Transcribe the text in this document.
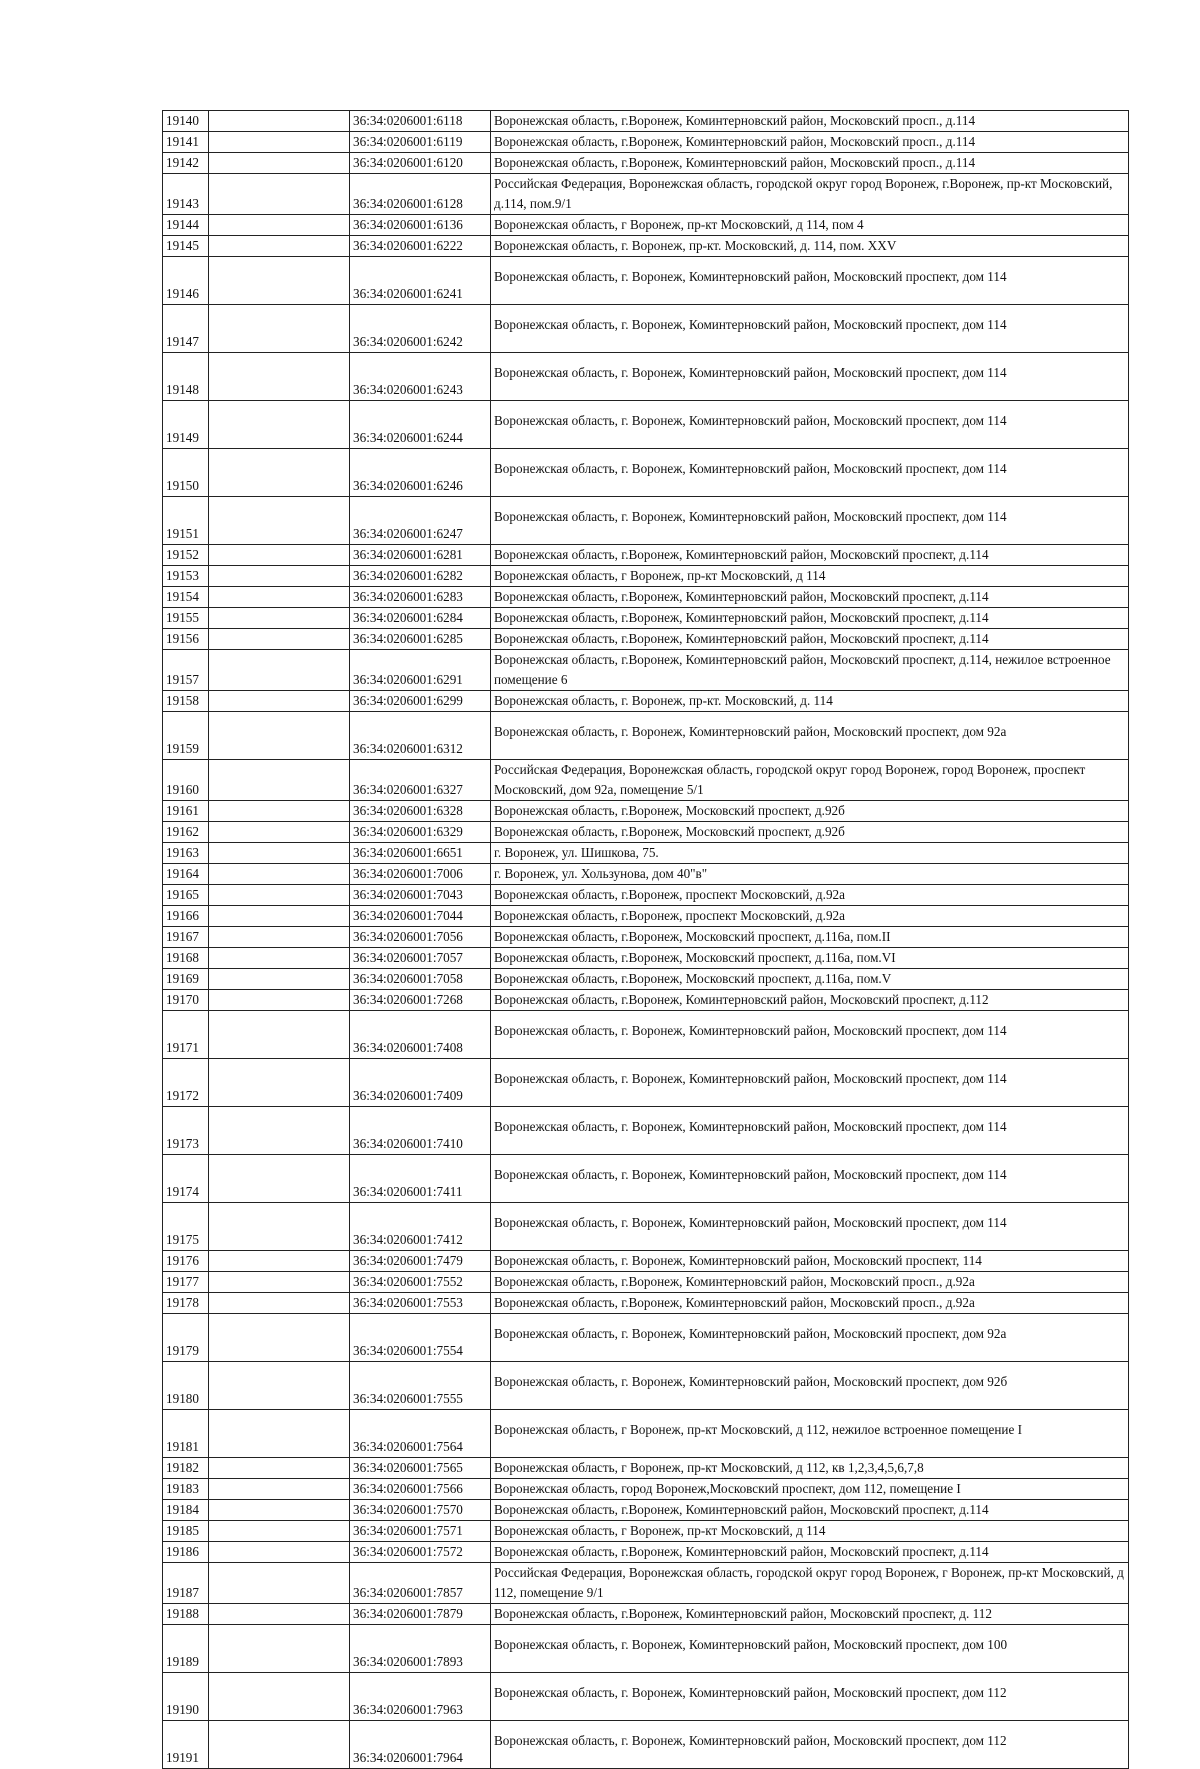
19140		36:34:0206001:6118	Воронежская область, г.Воронеж, Коминтерновский район, Московский просп., д.114
19141		36:34:0206001:6119	Воронежская область, г.Воронеж, Коминтерновский район, Московский просп., д.114
19142		36:34:0206001:6120	Воронежская область, г.Воронеж, Коминтерновский район, Московский просп., д.114
19143		36:34:0206001:6128	Российская Федерация, Воронежская область, городской округ город Воронеж, г.Воронеж, пр-кт Московский, д.114, пом.9/1
19144		36:34:0206001:6136	Воронежская область, г Воронеж, пр-кт Московский, д 114, пом 4
19145		36:34:0206001:6222	Воронежская область, г. Воронеж, пр-кт. Московский, д. 114, пом. XXV
19146		36:34:0206001:6241	Воронежская область, г. Воронеж, Коминтерновский район, Московский проспект, дом 114
19147		36:34:0206001:6242	Воронежская область, г. Воронеж, Коминтерновский район, Московский проспект, дом 114
19148		36:34:0206001:6243	Воронежская область, г. Воронеж, Коминтерновский район, Московский проспект, дом 114
19149		36:34:0206001:6244	Воронежская область, г. Воронеж, Коминтерновский район, Московский проспект, дом 114
19150		36:34:0206001:6246	Воронежская область, г. Воронеж, Коминтерновский район, Московский проспект, дом 114
19151		36:34:0206001:6247	Воронежская область, г. Воронеж, Коминтерновский район, Московский проспект, дом 114
19152		36:34:0206001:6281	Воронежская область, г.Воронеж, Коминтерновский район, Московский проспект, д.114
19153		36:34:0206001:6282	Воронежская область, г Воронеж, пр-кт Московский, д 114
19154		36:34:0206001:6283	Воронежская область, г.Воронеж, Коминтерновский район, Московский проспект, д.114
19155		36:34:0206001:6284	Воронежская область, г.Воронеж, Коминтерновский район, Московский проспект, д.114
19156		36:34:0206001:6285	Воронежская область, г.Воронеж, Коминтерновский район, Московский проспект, д.114
19157		36:34:0206001:6291	Воронежская область, г.Воронеж, Коминтерновский район, Московский проспект, д.114, нежилое встроенное помещение 6
19158		36:34:0206001:6299	Воронежская область, г. Воронеж, пр-кт. Московский, д. 114
19159		36:34:0206001:6312	Воронежская область, г. Воронеж, Коминтерновский район, Московский проспект, дом 92а
19160		36:34:0206001:6327	Российская Федерация, Воронежская область, городской округ город Воронеж, город Воронеж, проспект Московский, дом 92а, помещение 5/1
19161		36:34:0206001:6328	Воронежская область, г.Воронеж, Московский проспект, д.92б
19162		36:34:0206001:6329	Воронежская область, г.Воронеж, Московский проспект, д.92б
19163		36:34:0206001:6651	г. Воронеж, ул. Шишкова, 75.
19164		36:34:0206001:7006	г. Воронеж, ул. Хользунова, дом 40"в"
19165		36:34:0206001:7043	Воронежская область, г.Воронеж, проспект Московский, д.92а
19166		36:34:0206001:7044	Воронежская область, г.Воронеж, проспект Московский, д.92а
19167		36:34:0206001:7056	Воронежская область, г.Воронеж, Московский проспект, д.116а, пом.II
19168		36:34:0206001:7057	Воронежская область, г.Воронеж, Московский проспект, д.116а, пом.VI
19169		36:34:0206001:7058	Воронежская область, г.Воронеж, Московский проспект, д.116а, пом.V
19170		36:34:0206001:7268	Воронежская область, г.Воронеж, Коминтерновский район, Московский проспект, д.112
19171		36:34:0206001:7408	Воронежская область, г. Воронеж, Коминтерновский район, Московский проспект, дом 114
19172		36:34:0206001:7409	Воронежская область, г. Воронеж, Коминтерновский район, Московский проспект, дом 114
19173		36:34:0206001:7410	Воронежская область, г. Воронеж, Коминтерновский район, Московский проспект, дом 114
19174		36:34:0206001:7411	Воронежская область, г. Воронеж, Коминтерновский район, Московский проспект, дом 114
19175		36:34:0206001:7412	Воронежская область, г. Воронеж, Коминтерновский район, Московский проспект, дом 114
19176		36:34:0206001:7479	Воронежская область, г. Воронеж, Коминтерновский район, Московский проспект, 114
19177		36:34:0206001:7552	Воронежская область, г.Воронеж, Коминтерновский район, Московский просп., д.92а
19178		36:34:0206001:7553	Воронежская область, г.Воронеж, Коминтерновский район, Московский просп., д.92а
19179		36:34:0206001:7554	Воронежская область, г. Воронеж, Коминтерновский район, Московский проспект, дом 92а
19180		36:34:0206001:7555	Воронежская область, г. Воронеж, Коминтерновский район, Московский проспект, дом 92б
19181		36:34:0206001:7564	Воронежская область, г Воронеж, пр-кт Московский, д 112, нежилое встроенное помещение I
19182		36:34:0206001:7565	Воронежская область, г Воронеж, пр-кт Московский, д 112, кв 1,2,3,4,5,6,7,8
19183		36:34:0206001:7566	Воронежская область, город Воронеж,Московский проспект, дом 112, помещение I
19184		36:34:0206001:7570	Воронежская область, г.Воронеж, Коминтерновский район, Московский проспект, д.114
19185		36:34:0206001:7571	Воронежская область, г Воронеж, пр-кт Московский, д 114
19186		36:34:0206001:7572	Воронежская область, г.Воронеж, Коминтерновский район, Московский проспект, д.114
19187		36:34:0206001:7857	Российская Федерация, Воронежская область, городской округ город Воронеж, г Воронеж, пр-кт Московский, д 112, помещение 9/1
19188		36:34:0206001:7879	Воронежская область, г.Воронеж, Коминтерновский район, Московский проспект, д. 112
19189		36:34:0206001:7893	Воронежская область, г. Воронеж, Коминтерновский район, Московский проспект, дом 100
19190		36:34:0206001:7963	Воронежская область, г. Воронеж, Коминтерновский район, Московский проспект, дом 112
19191		36:34:0206001:7964	Воронежская область, г. Воронеж, Коминтерновский район, Московский проспект, дом 112
